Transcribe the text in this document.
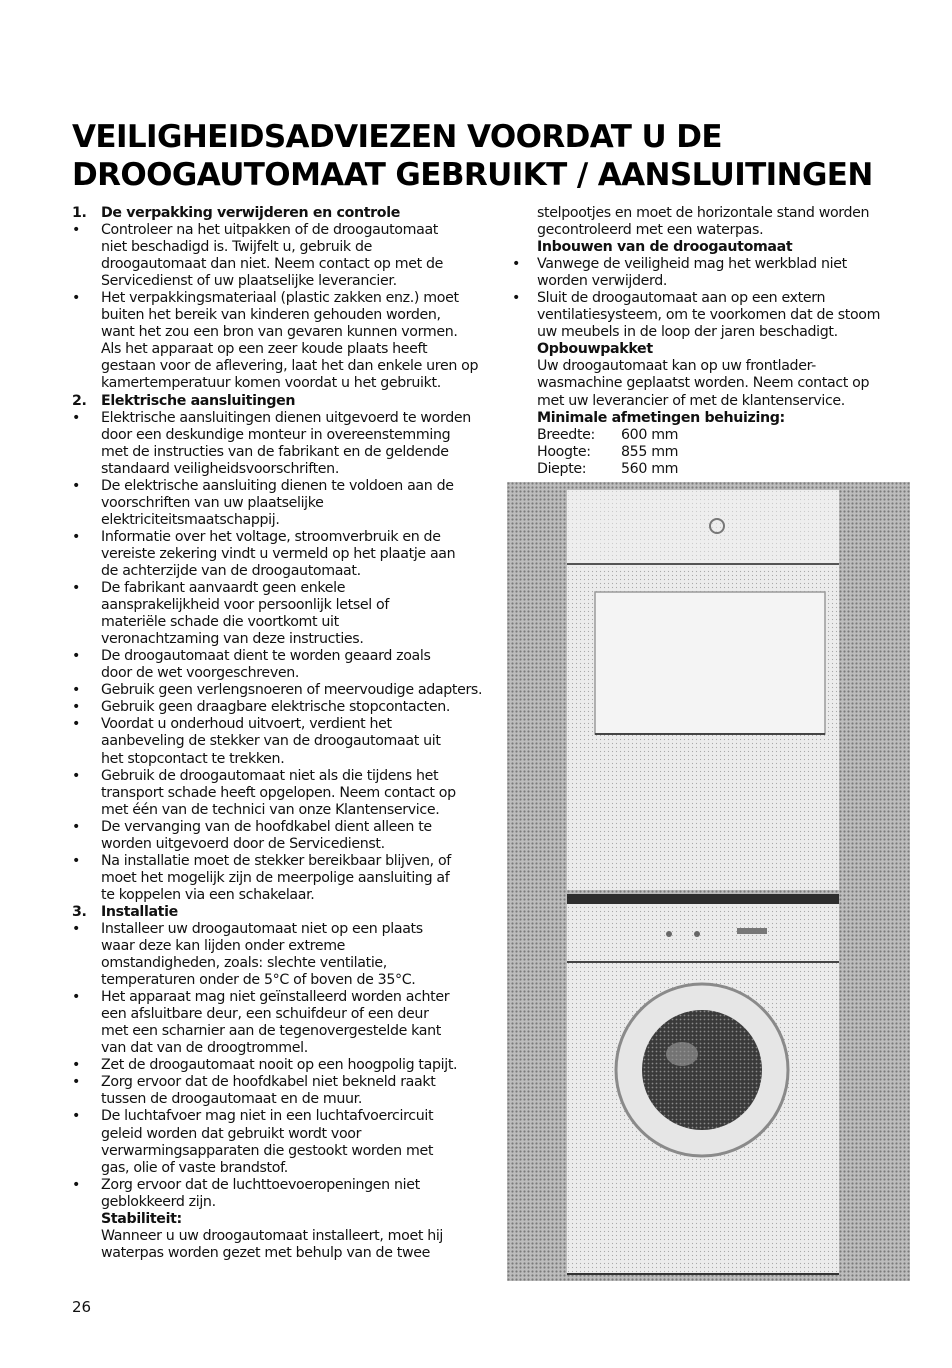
VEILIGHEIDSADVIEZEN VOORDAT U DE
DROOGAUTOMAAT GEBRUIKT / AANSLUITINGEN
1. De verpakking verwijderen en controle
• Controleer na het uitpakken of de droogautomaat
niet beschadigd is. Twijfelt u, gebruik de
droogautomaat dan niet. Neem contact op met de
Servicedienst of uw plaatselijke leverancier.
• Het verpakkingsmateriaal (plastic zakken enz.) moet
buiten het bereik van kinderen gehouden worden,
want het zou een bron van gevaren kunnen vormen.
Als het apparaat op een zeer koude plaats heeft
gestaan voor de aflevering, laat het dan enkele uren op
kamertemperatuur komen voordat u het gebruikt.
2. Elektrische aansluitingen
• Elektrische aansluitingen dienen uitgevoerd te worden
door een deskundige monteur in overeenstemming
met de instructies van de fabrikant en de geldende
standaard veiligheidsvoorschriften.
• De elektrische aansluiting dienen te voldoen aan de
voorschriften van uw plaatselijke
elektriciteitsmaatschappij.
• Informatie over het voltage, stroomverbruik en de
vereiste zekering vindt u vermeld op het plaatje aan
de achterzijde van de droogautomaat.
• De fabrikant aanvaardt geen enkele
aansprakelijkheid voor persoonlijk letsel of
materiële schade die voortkomt uit
veronachtzaming van deze instructies.
• De droogautomaat dient te worden geaard zoals
door de wet voorgeschreven.
• Gebruik geen verlengsnoeren of meervoudige adapters.
• Gebruik geen draagbare elektrische stopcontacten.
• Voordat u onderhoud uitvoert, verdient het
aanbeveling de stekker van de droogautomaat uit
het stopcontact te trekken.
• Gebruik de droogautomaat niet als die tijdens het
transport schade heeft opgelopen. Neem contact op
met één van de technici van onze Klantenservice.
• De vervanging van de hoofdkabel dient alleen te
worden uitgevoerd door de Servicedienst.
• Na installatie moet de stekker bereikbaar blijven, of
moet het mogelijk zijn de meerpolige aansluiting af
te koppelen via een schakelaar.
3. Installatie
• Installeer uw droogautomaat niet op een plaats
waar deze kan lijden onder extreme
omstandigheden, zoals: slechte ventilatie,
temperaturen onder de 5°C of boven de 35°C.
• Het apparaat mag niet geïnstalleerd worden achter
een afsluitbare deur, een schuifdeur of een deur
met een scharnier aan de tegenovergestelde kant
van dat van de droogtrommel.
• Zet de droogautomaat nooit op een hoogpolig tapijt.
• Zorg ervoor dat de hoofdkabel niet bekneld raakt
tussen de droogautomaat en de muur.
• De luchtafvoer mag niet in een luchtafvoercircuit
geleid worden dat gebruikt wordt voor
verwarmingsapparaten die gestookt worden met
gas, olie of vaste brandstof.
• Zorg ervoor dat de luchttoevoeropeningen niet
geblokkeerd zijn.
Stabiliteit:
Wanneer u uw droogautomaat installeert, moet hij
waterpas worden gezet met behulp van de twee
stelpootjes en moet de horizontale stand worden
gecontroleerd met een waterpas.
Inbouwen van de droogautomaat
• Vanwege de veiligheid mag het werkblad niet
worden verwijderd.
• Sluit de droogautomaat aan op een extern
ventilatiesysteem, om te voorkomen dat de stoom
uw meubels in de loop der jaren beschadigt.
Opbouwpakket
Uw droogautomaat kan op uw frontlader-
wasmachine geplaatst worden. Neem contact op
met uw leverancier of met de klantenservice.
Minimale afmetingen behuizing:
Breedte:	600 mm
Hoogte:	855 mm
Diepte:	560 mm
26
